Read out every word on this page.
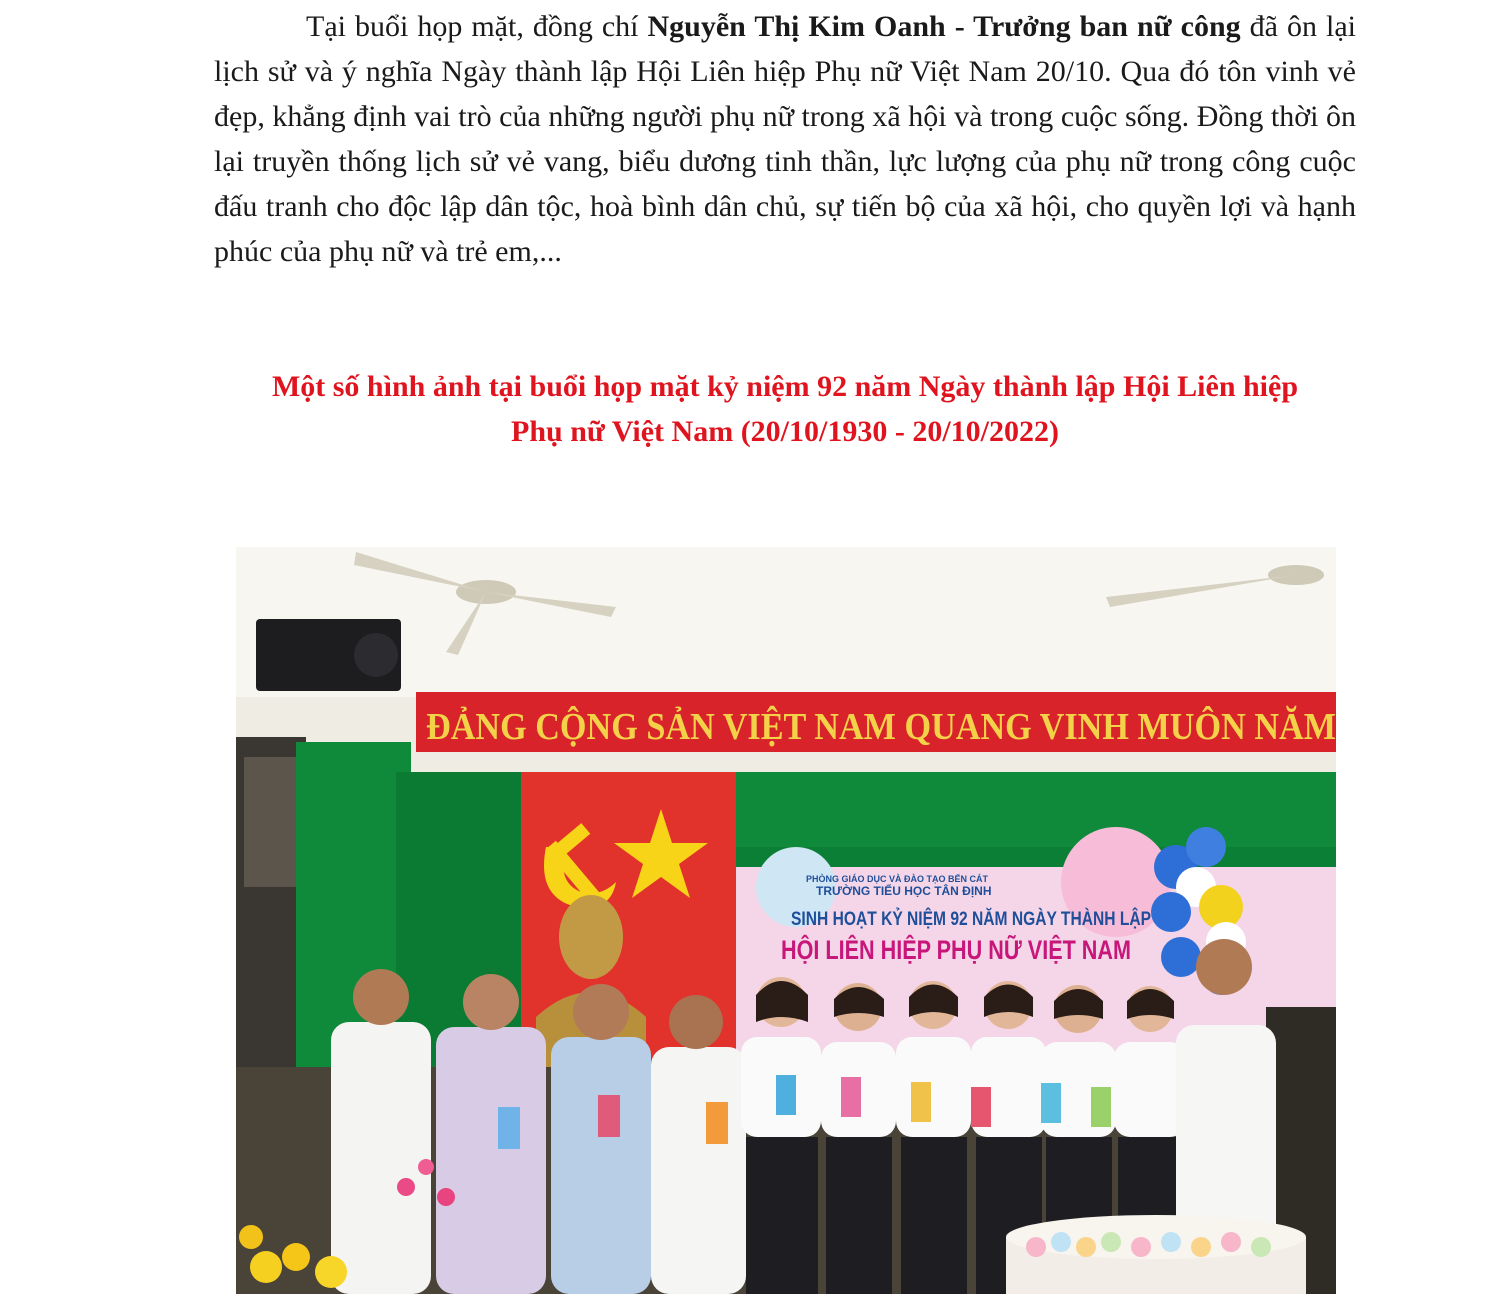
Tại buổi họp mặt, đồng chí Nguyễn Thị Kim Oanh - Trưởng ban nữ công đã ôn lại lịch sử và ý nghĩa Ngày thành lập Hội Liên hiệp Phụ nữ Việt Nam 20/10. Qua đó tôn vinh vẻ đẹp, khẳng định vai trò của những người phụ nữ trong xã hội và trong cuộc sống. Đồng thời ôn lại truyền thống lịch sử vẻ vang, biểu dương tinh thần, lực lượng của phụ nữ trong công cuộc đấu tranh cho độc lập dân tộc, hoà bình dân chủ, sự tiến bộ của xã hội, cho quyền lợi và hạnh phúc của phụ nữ và trẻ em,...

Một số hình ảnh tại buổi họp mặt kỷ niệm 92 năm Ngày thành lập Hội Liên hiệp
Phụ nữ Việt Nam (20/10/1930 - 20/10/2022)
ĐẢNG CỘNG SẢN VIỆT NAM QUANG VINH MUÔN NĂM
PHÒNG GIÁO DỤC VÀ ĐÀO TẠO BẾN CÁT
TRƯỜNG TIỂU HỌC TÂN ĐỊNH
SINH HOẠT KỶ NIỆM 92 NĂM NGÀY THÀNH LẬP
HỘI LIÊN HIỆP PHỤ NỮ VIỆT NAM
